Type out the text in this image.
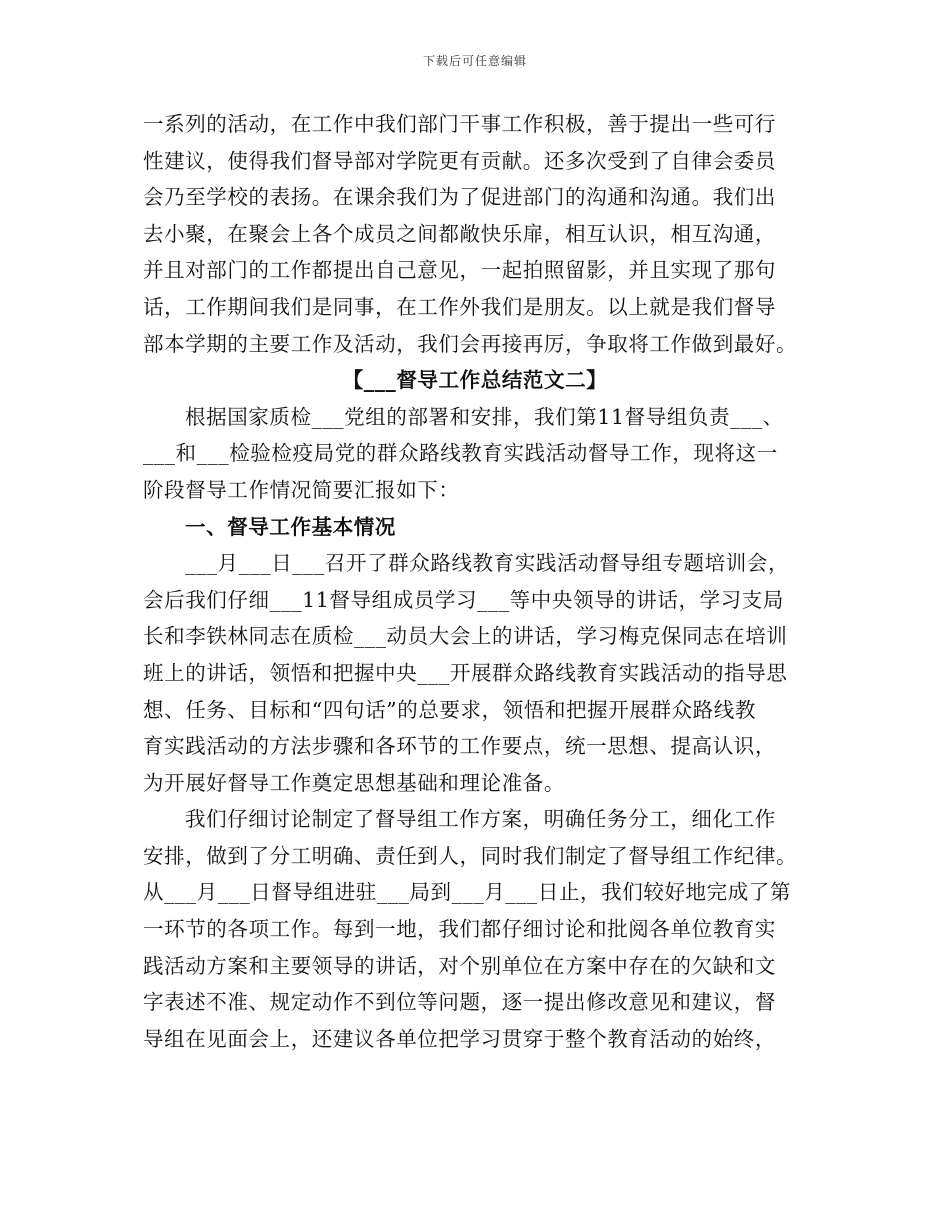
下载后可任意编辑
一系列的活动，在工作中我们部门干事工作积极，善于提出一些可行
性建议，使得我们督导部对学院更有贡献。还多次受到了自律会委员
会乃至学校的表扬。在课余我们为了促进部门的沟通和沟通。我们出
去小聚，在聚会上各个成员之间都敞快乐扉，相互认识，相互沟通，
并且对部门的工作都提出自己意见，一起拍照留影，并且实现了那句
话，工作期间我们是同事，在工作外我们是朋友。以上就是我们督导
部本学期的主要工作及活动，我们会再接再厉，争取将工作做到最好。
【___督导工作总结范文二】
根据国家质检___党组的部署和安排，我们第11督导组负责___、
___和___检验检疫局党的群众路线教育实践活动督导工作，现将这一
阶段督导工作情况简要汇报如下：
一、督导工作基本情况
___月___日___召开了群众路线教育实践活动督导组专题培训会，
会后我们仔细___11督导组成员学习___等中央领导的讲话，学习支局
长和李铁林同志在质检___动员大会上的讲话，学习梅克保同志在培训
班上的讲话，领悟和把握中央___开展群众路线教育实践活动的指导思
想、任务、目标和“四句话”的总要求，领悟和把握开展群众路线教
育实践活动的方法步骤和各环节的工作要点，统一思想、提高认识，
为开展好督导工作奠定思想基础和理论准备。
我们仔细讨论制定了督导组工作方案，明确任务分工，细化工作
安排，做到了分工明确、责任到人，同时我们制定了督导组工作纪律。
从___月___日督导组进驻___局到___月___日止，我们较好地完成了第
一环节的各项工作。每到一地，我们都仔细讨论和批阅各单位教育实
践活动方案和主要领导的讲话，对个别单位在方案中存在的欠缺和文
字表述不准、规定动作不到位等问题，逐一提出修改意见和建议，督
导组在见面会上，还建议各单位把学习贯穿于整个教育活动的始终，
